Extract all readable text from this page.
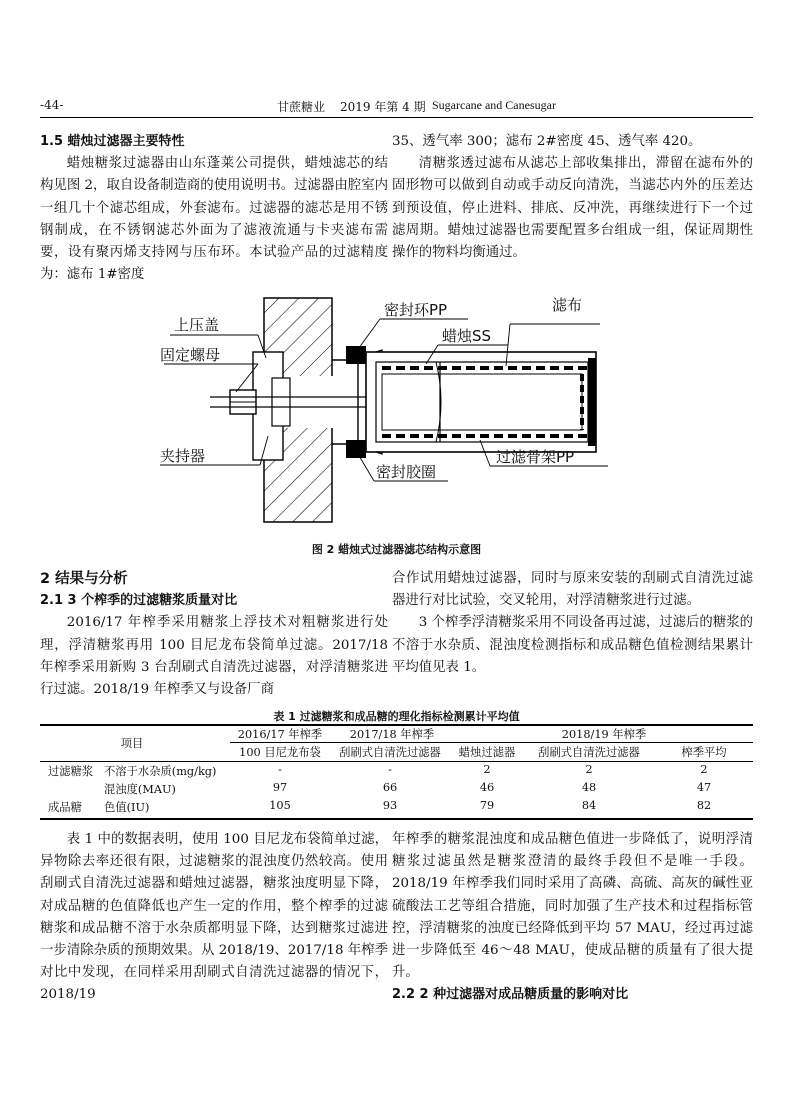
-44-	甘蔗糖业 2019 年第 4 期 Sugarcane and Canesugar

1.5 蜡烛过滤器主要特性

蜡烛糖浆过滤器由山东蓬莱公司提供，蜡烛滤芯的结构见图 2，取自设备制造商的使用说明书。过滤器由腔室内一组几十个滤芯组成，外套滤布。过滤器的滤芯是用不锈钢制成，在不锈钢滤芯外面为了滤液流通与卡夹滤布需要，设有聚丙烯支持网与压布环。本试验产品的过滤精度为：滤布 1#密度

35、透气率 300；滤布 2#密度 45、透气率 420。

清糖浆透过滤布从滤芯上部收集排出，滞留在滤布外的固形物可以做到自动或手动反向清洗，当滤芯内外的压差达到预设值，停止进料、排底、反冲洗，再继续进行下一个过滤周期。蜡烛过滤器也需要配置多台组成一组，保证周期性操作的物料均衡通过。

上压盖
固定螺母
夹持器
密封环PP
蜡烛SS
滤布
过滤骨架PP
密封胶圈
图 2 蜡烛式过滤器滤芯结构示意图

2 结果与分析

2.1 3 个榨季的过滤糖浆质量对比

2016/17 年榨季采用糖浆上浮技术对粗糖浆进行处理，浮清糖浆再用 100 目尼龙布袋简单过滤。2017/18 年榨季采用新购 3 台刮刷式自清洗过滤器，对浮清糖浆进行过滤。2018/19 年榨季又与设备厂商

合作试用蜡烛过滤器，同时与原来安装的刮刷式自清洗过滤器进行对比试验，交叉轮用，对浮清糖浆进行过滤。

3 个榨季浮清糖浆采用不同设备再过滤，过滤后的糖浆的不溶于水杂质、混浊度检测指标和成品糖色值检测结果累计平均值见表 1。

表 1 过滤糖浆和成品糖的理化指标检测累计平均值
项目
2016/17 年榨季	2017/18 年榨季	2018/19 年榨季
100 目尼龙布袋	刮刷式自清洗过滤器	蜡烛过滤器	刮刷式自清洗过滤器	榨季平均
过滤糖浆 不溶于水杂质(mg/kg)	-	-	2	2	2
混浊度(MAU)	97	66	46	48	47
成品糖 色值(IU)	105	93	79	84	82

表 1 中的数据表明，使用 100 目尼龙布袋简单过滤，异物除去率还很有限，过滤糖浆的混浊度仍然较高。使用刮刷式自清洗过滤器和蜡烛过滤器，糖浆浊度明显下降，对成品糖的色值降低也产生一定的作用，整个榨季的过滤糖浆和成品糖不溶于水杂质都明显下降，达到糖浆过滤进一步清除杂质的预期效果。从 2018/19、2017/18 年榨季对比中发现，在同样采用刮刷式自清洗过滤器的情况下，2018/19

年榨季的糖浆混浊度和成品糖色值进一步降低了，说明浮清糖浆过滤虽然是糖浆澄清的最终手段但不是唯一手段。2018/19 年榨季我们同时采用了高磷、高硫、高灰的碱性亚硫酸法工艺等组合措施，同时加强了生产技术和过程指标管控，浮清糖浆的浊度已经降低到平均 57 MAU，经过再过滤进一步降低至 46～48 MAU，使成品糖的质量有了很大提升。

2.2 2 种过滤器对成品糖质量的影响对比
